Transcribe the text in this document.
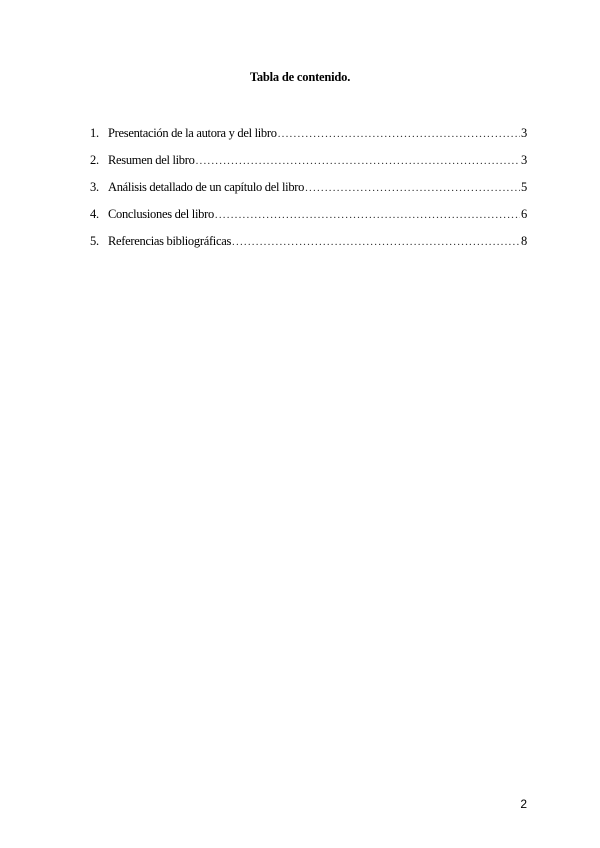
Tabla de contenido.
1. Presentación de la autora y del libro .....	3
2. Resumen del libro .....	3
3. Análisis detallado de un capítulo del libro .....	5
4. Conclusiones del libro .....	6
5. Referencias bibliográficas .....	8
2
